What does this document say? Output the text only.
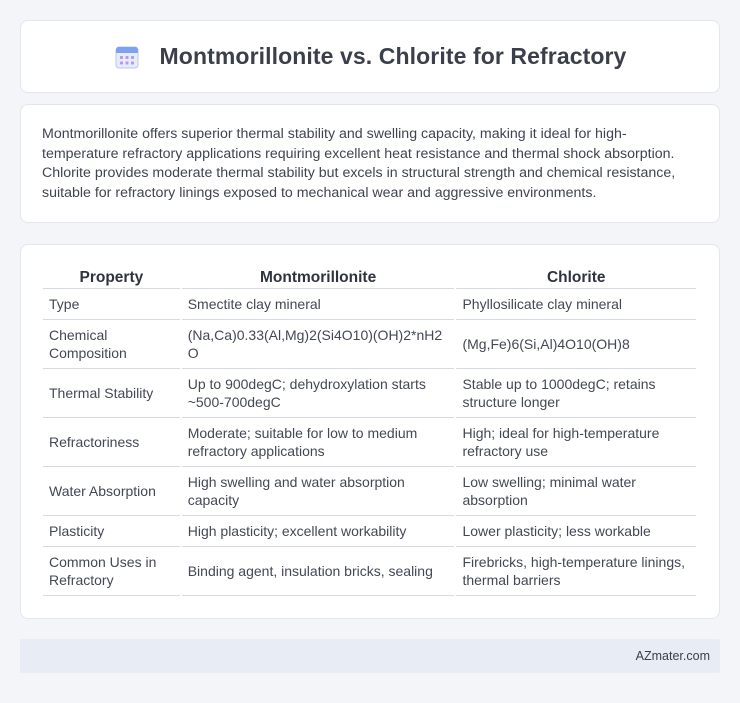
Montmorillonite vs. Chlorite for Refractory

Montmorillonite offers superior thermal stability and swelling capacity, making it ideal for high-temperature refractory applications requiring excellent heat resistance and thermal shock absorption. Chlorite provides moderate thermal stability but excels in structural strength and chemical resistance, suitable for refractory linings exposed to mechanical wear and aggressive environments.

Property	Montmorillonite	Chlorite
Type	Smectite clay mineral	Phyllosilicate clay mineral
Chemical Composition	(Na,Ca)0.33(Al,Mg)2(Si4O10)(OH)2*nH2O	(Mg,Fe)6(Si,Al)4O10(OH)8
Thermal Stability	Up to 900degC; dehydroxylation starts ~500-700degC	Stable up to 1000degC; retains structure longer
Refractoriness	Moderate; suitable for low to medium refractory applications	High; ideal for high-temperature refractory use
Water Absorption	High swelling and water absorption capacity	Low swelling; minimal water absorption
Plasticity	High plasticity; excellent workability	Lower plasticity; less workable
Common Uses in Refractory	Binding agent, insulation bricks, sealing	Firebricks, high-temperature linings, thermal barriers
AZmater.com
